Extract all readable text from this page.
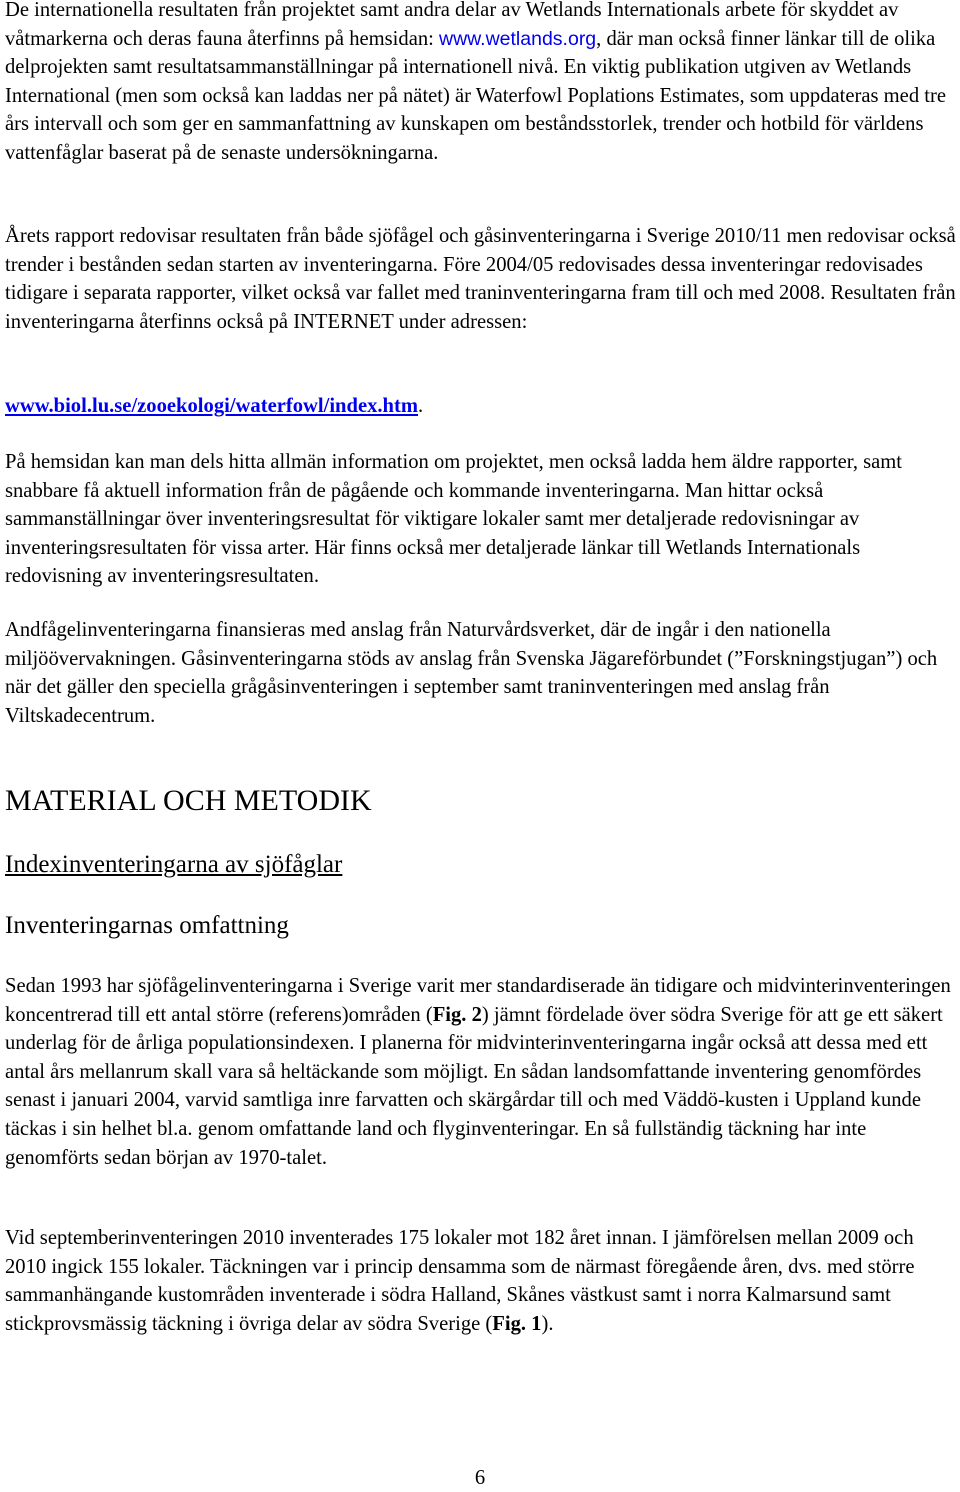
De internationella resultaten från projektet samt andra delar av Wetlands Internationals arbete för skyddet av våtmarkerna och deras fauna återfinns på hemsidan: www.wetlands.org, där man också finner länkar till de olika delprojekten samt resultatsammanställningar på internationell nivå. En viktig publikation utgiven av Wetlands International (men som också kan laddas ner på nätet) är Waterfowl Poplations Estimates, som uppdateras med tre års intervall och som ger en sammanfattning av kunskapen om beståndsstorlek, trender och hotbild för världens vattenfåglar baserat på de senaste undersökningarna.

Årets rapport redovisar resultaten från både sjöfågel och gåsinventeringarna i Sverige 2010/11 men redovisar också trender i bestånden sedan starten av inventeringarna. Före 2004/05 redovisades dessa inventeringar redovisades tidigare i separata rapporter, vilket också var fallet med traninventeringarna fram till och med 2008. Resultaten från inventeringarna återfinns också på INTERNET under adressen:

www.biol.lu.se/zooekologi/waterfowl/index.htm.

På hemsidan kan man dels hitta allmän information om projektet, men också ladda hem äldre rapporter, samt snabbare få aktuell information från de pågående och kommande inventeringarna. Man hittar också sammanställningar över inventeringsresultat för viktigare lokaler samt mer detaljerade redovisningar av inventeringsresultaten för vissa arter. Här finns också mer detaljerade länkar till Wetlands Internationals redovisning av inventeringsresultaten.

Andfågelinventeringarna finansieras med anslag från Naturvårdsverket, där de ingår i den nationella miljöövervakningen. Gåsinventeringarna stöds av anslag från Svenska Jägareförbundet (”Forskningstjugan”) och när det gäller den speciella grågåsinventeringen i september samt traninventeringen med anslag från Viltskadecentrum.

MATERIAL OCH METODIK
Indexinventeringarna av sjöfåglar
Inventeringarnas omfattning

Sedan 1993 har sjöfågelinventeringarna i Sverige varit mer standardiserade än tidigare och midvinterinventeringen koncentrerad till ett antal större (referens)områden (Fig. 2) jämnt fördelade över södra Sverige för att ge ett säkert underlag för de årliga populationsindexen. I planerna för midvinterinventeringarna ingår också att dessa med ett antal års mellanrum skall vara så heltäckande som möjligt. En sådan landsomfattande inventering genomfördes senast i januari 2004, varvid samtliga inre farvatten och skärgårdar till och med Väddö-kusten i Uppland kunde täckas i sin helhet bl.a. genom omfattande land och flyginventeringar. En så fullständig täckning har inte genomförts sedan början av 1970-talet.

Vid septemberinventeringen 2010 inventerades 175 lokaler mot 182 året innan. I jämförelsen mellan 2009 och 2010 ingick 155 lokaler. Täckningen var i princip densamma som de närmast föregående åren, dvs. med större sammanhängande kustområden inventerade i södra Halland, Skånes västkust samt i norra Kalmarsund samt stickprovsmässig täckning i övriga delar av södra Sverige (Fig. 1).

6
